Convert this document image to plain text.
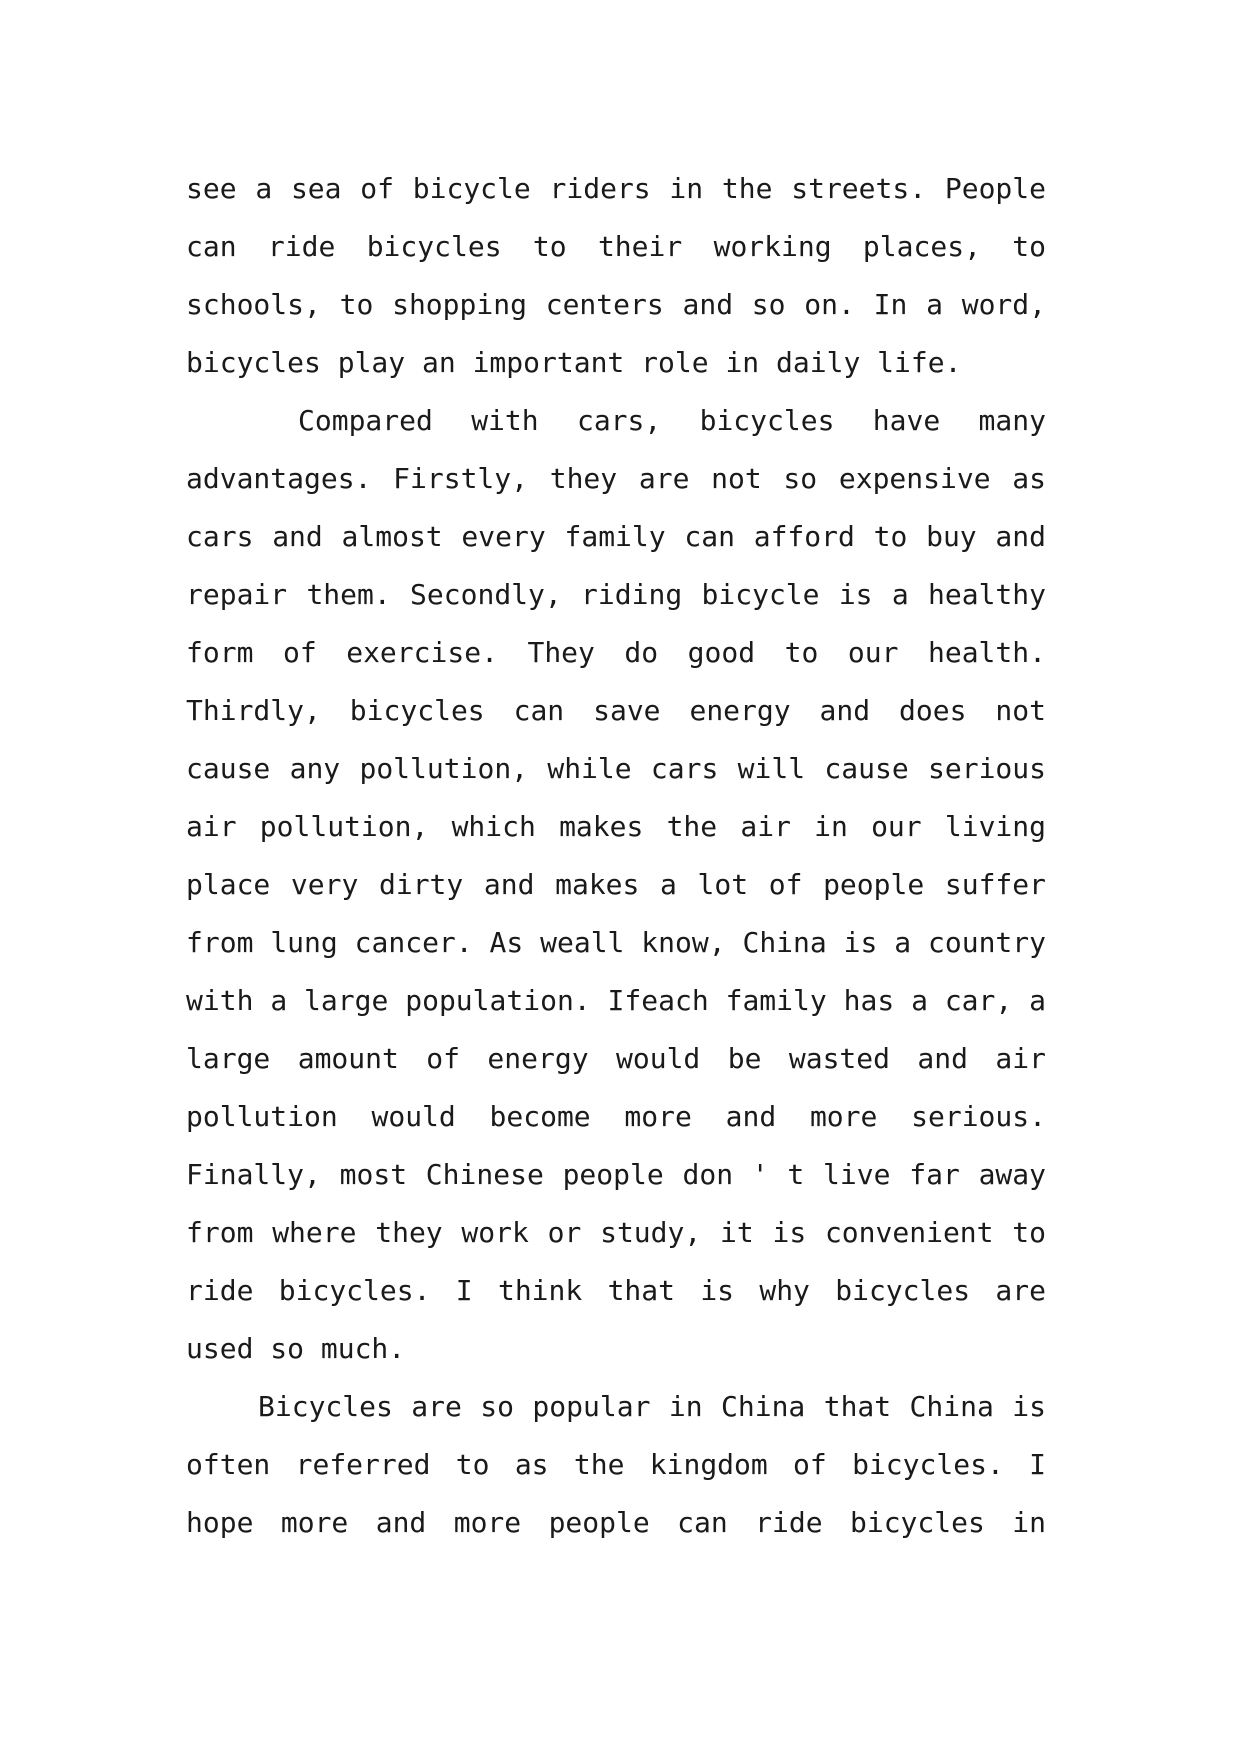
see a sea of bicycle riders in the streets. People
can ride bicycles to their working places, to
schools, to shopping centers and so on. In a word,
bicycles play an important role in daily life.
Compared with cars, bicycles have many
advantages. Firstly, they are not so expensive as
cars and almost every family can afford to buy and
repair them. Secondly, riding bicycle is a healthy
form of exercise. They do good to our health.
Thirdly, bicycles can save energy and does not
cause any pollution, while cars will cause serious
air pollution, which makes the air in our living
place very dirty and makes a lot of people suffer
from lung cancer. As weall know, China is a country
with a large population. Ifeach family has a car, a
large amount of energy would be wasted and air
pollution would become more and more serious.
Finally, most Chinese people don ' t live far away
from where they work or study, it is convenient to
ride bicycles. I think that is why bicycles are
used so much.
Bicycles are so popular in China that China is
often referred to as the kingdom of bicycles. I
hope more and more people can ride bicycles in
